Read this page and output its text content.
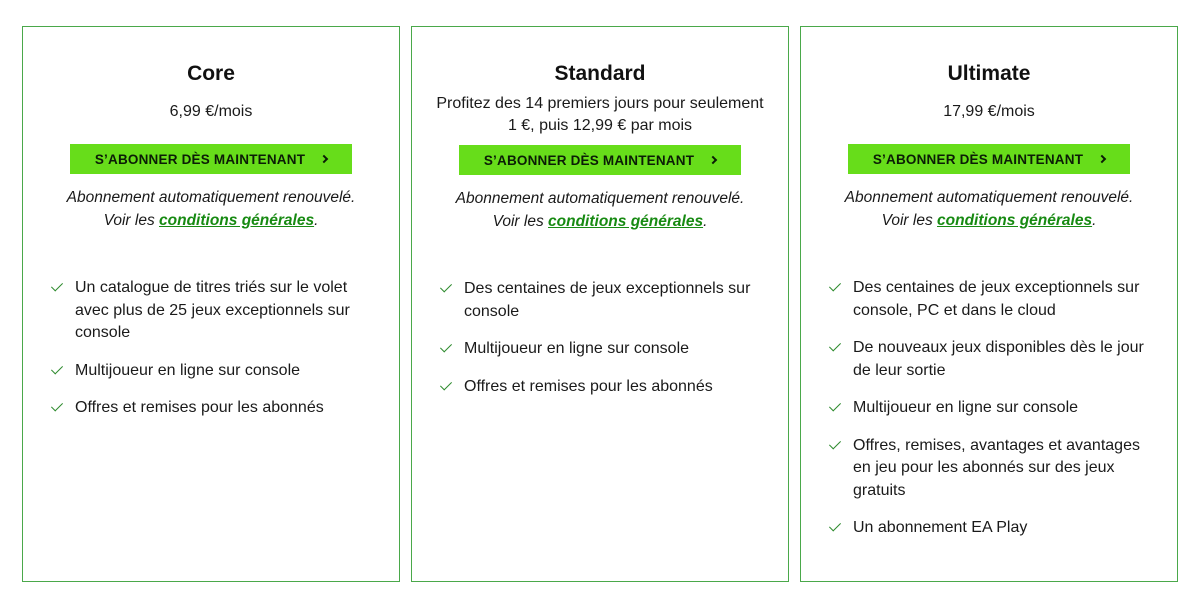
Core

6,99 €/mois

S’ABONNER DÈS MAINTENANT
Abonnement automatiquement renouvelé.
Voir les conditions générales.
Un catalogue de titres triés sur le volet avec plus de 25 jeux exceptionnels sur console
Multijoueur en ligne sur console
Offres et remises pour les abonnés
Standard

Profitez des 14 premiers jours pour seulement 1 €, puis 12,99 € par mois

S’ABONNER DÈS MAINTENANT
Abonnement automatiquement renouvelé.
Voir les conditions générales.
Des centaines de jeux exceptionnels sur console
Multijoueur en ligne sur console
Offres et remises pour les abonnés
Ultimate

17,99 €/mois

S’ABONNER DÈS MAINTENANT
Abonnement automatiquement renouvelé.
Voir les conditions générales.
Des centaines de jeux exceptionnels sur console, PC et dans le cloud
De nouveaux jeux disponibles dès le jour de leur sortie
Multijoueur en ligne sur console
Offres, remises, avantages et avantages en jeu pour les abonnés sur des jeux gratuits
Un abonnement EA Play
